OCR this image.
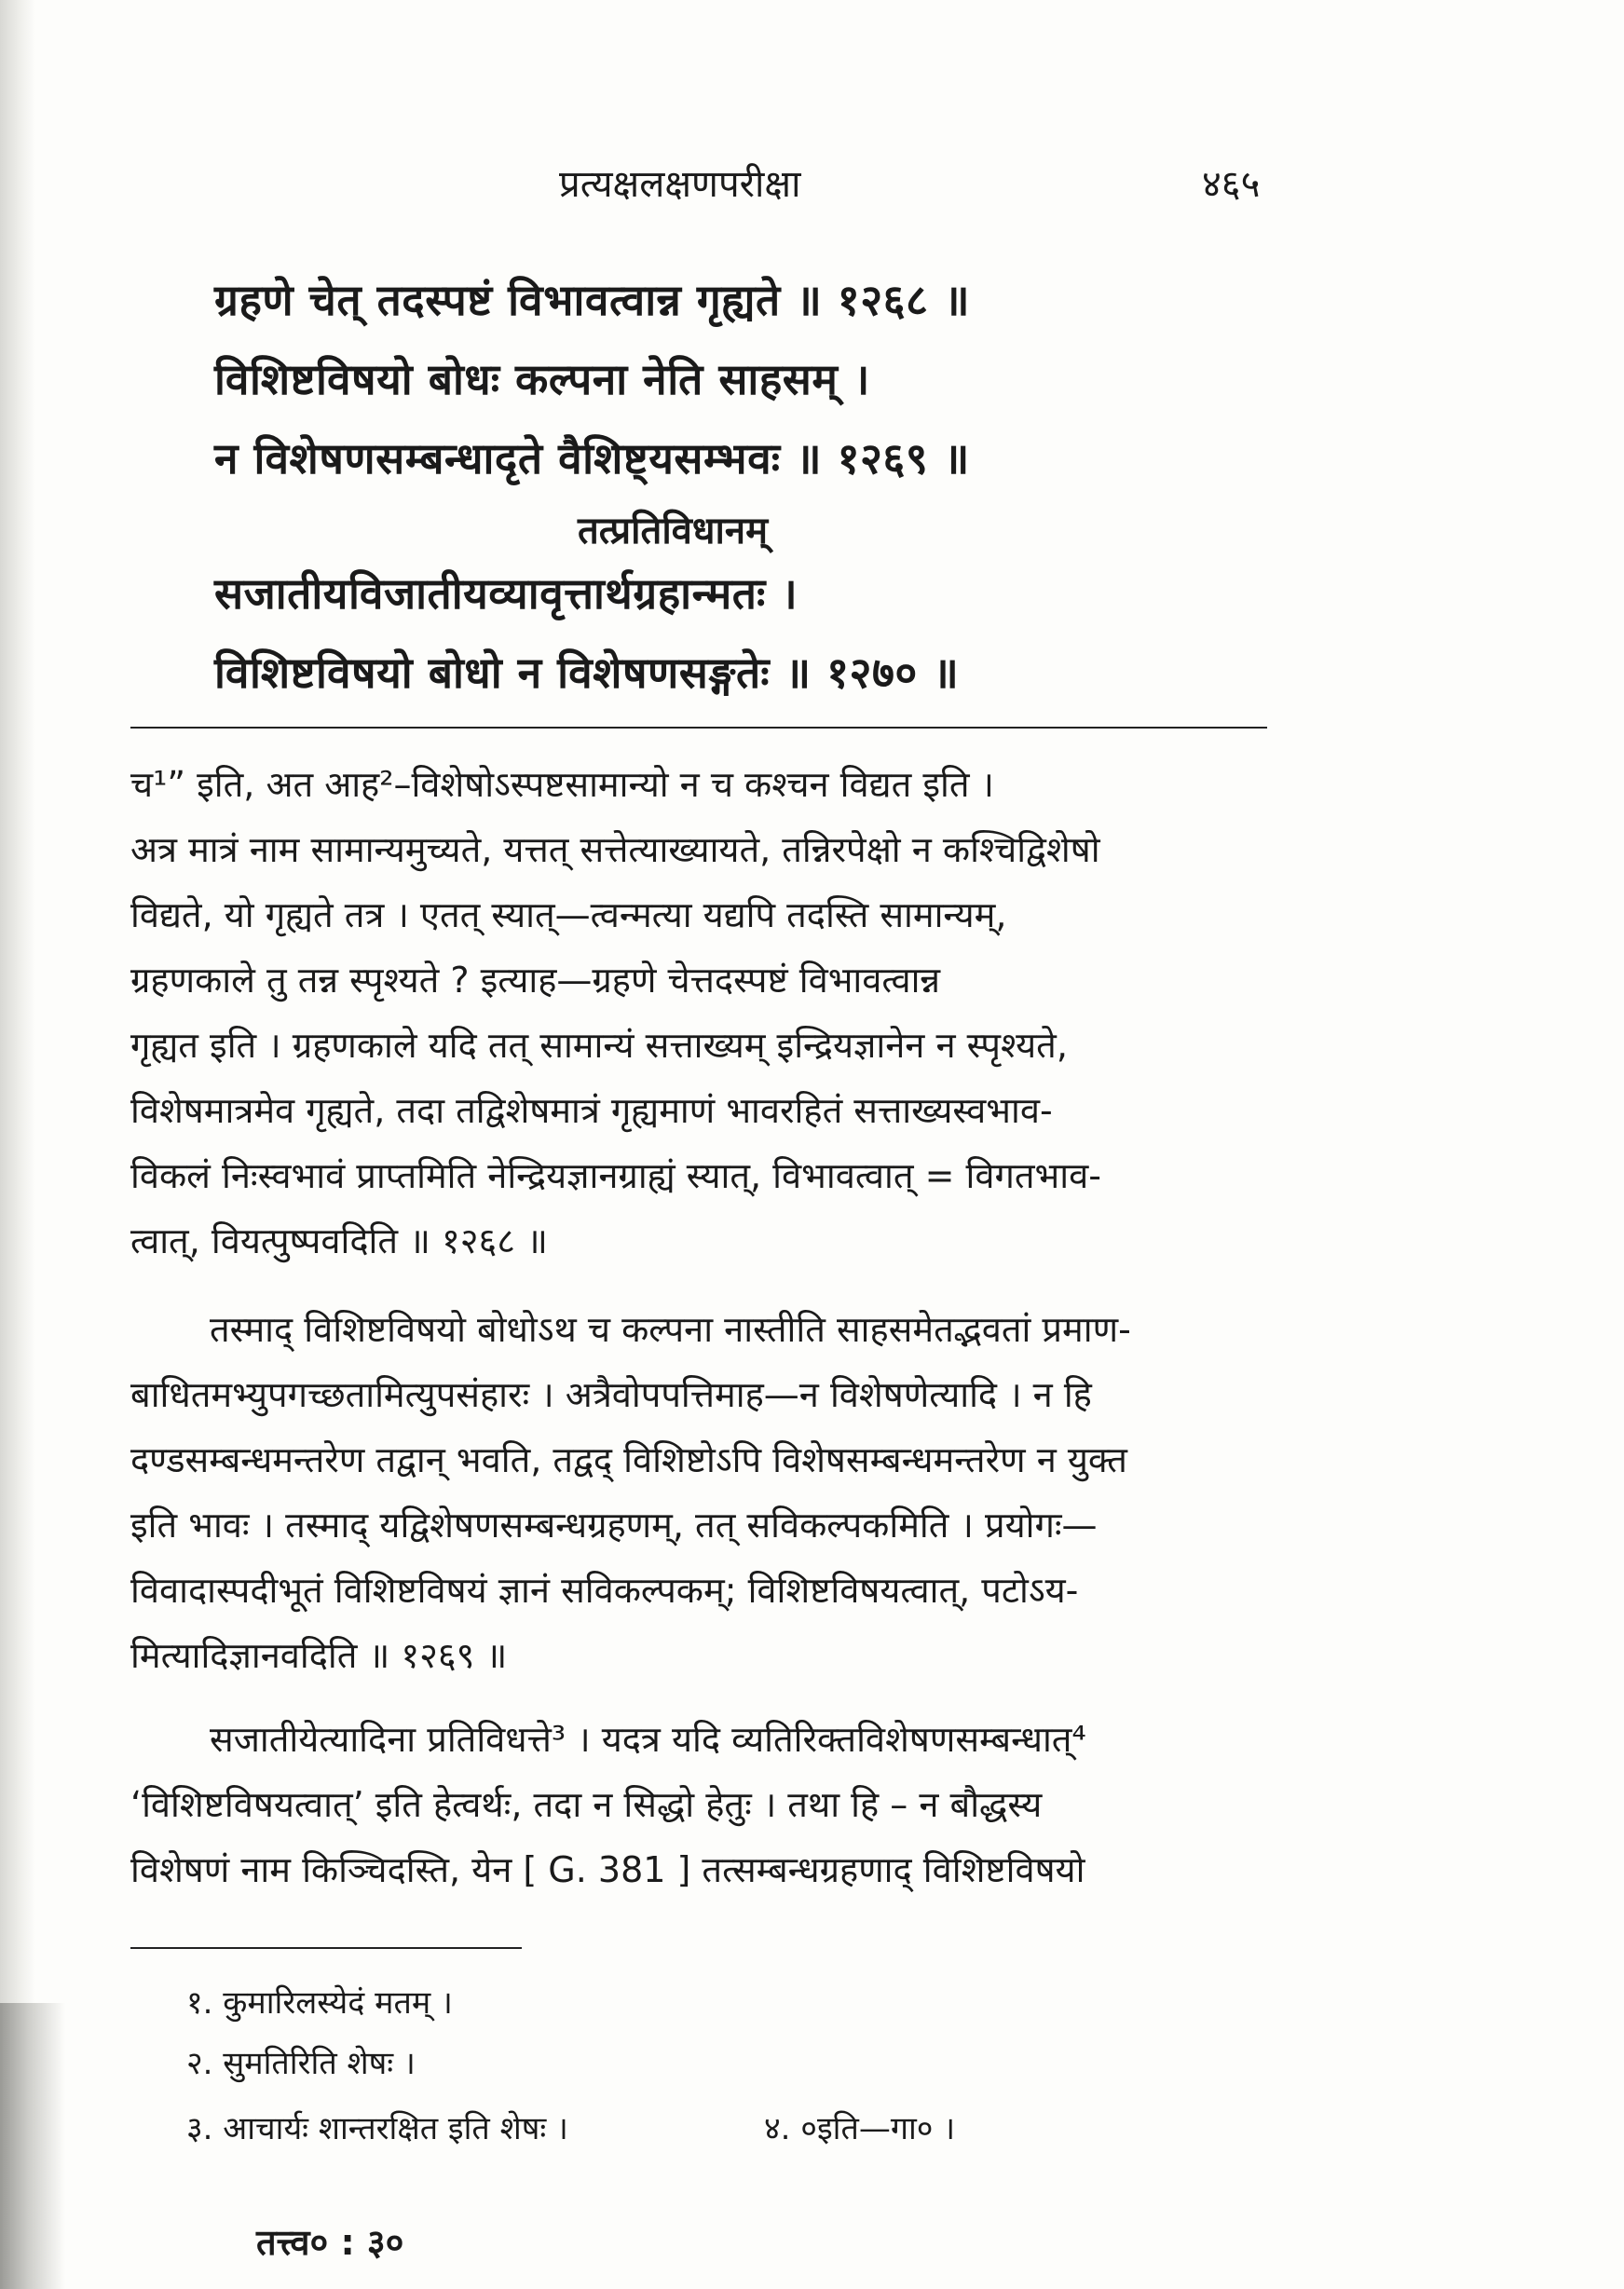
प्रत्यक्षलक्षणपरीक्षा	४६५
ग्रहणे चेत् तदस्पष्टं विभावत्वान्न गृह्यते ॥ १२६८ ॥
विशिष्टविषयो बोधः कल्पना नेति साहसम् ।
न विशेषणसम्बन्धादृते वैशिष्ट्यसम्भवः ॥ १२६९ ॥
तत्प्रतिविधानम्
सजातीयविजातीयव्यावृत्तार्थग्रहान्मतः ।
विशिष्टविषयो बोधो न विशेषणसङ्गतेः ॥ १२७० ॥
च¹” इति, अत आह²–विशेषोऽस्पष्टसामान्यो न च कश्चन विद्यत इति ।
अत्र मात्रं नाम सामान्यमुच्यते, यत्तत् सत्तेत्याख्यायते, तन्निरपेक्षो न कश्चिद्विशेषो
विद्यते, यो गृह्यते तत्र । एतत् स्यात्—त्वन्मत्या यद्यपि तदस्ति सामान्यम्,
ग्रहणकाले तु तन्न स्पृश्यते ? इत्याह—ग्रहणे चेत्तदस्पष्टं विभावत्वान्न
गृह्यत इति । ग्रहणकाले यदि तत् सामान्यं सत्ताख्यम् इन्द्रियज्ञानेन न स्पृश्यते,
विशेषमात्रमेव गृह्यते, तदा तद्विशेषमात्रं गृह्यमाणं भावरहितं सत्ताख्यस्वभाव-
विकलं निःस्वभावं प्राप्तमिति नेन्द्रियज्ञानग्राह्यं स्यात्, विभावत्वात् = विगतभाव-
त्वात्, वियत्पुष्पवदिति ॥ १२६८ ॥
तस्माद् विशिष्टविषयो बोधोऽथ च कल्पना नास्तीति साहसमेतद्भवतां प्रमाण-
बाधितमभ्युपगच्छतामित्युपसंहारः । अत्रैवोपपत्तिमाह—न विशेषणेत्यादि । न हि
दण्डसम्बन्धमन्तरेण तद्वान् भवति, तद्वद् विशिष्टोऽपि विशेषसम्बन्धमन्तरेण न युक्त
इति भावः । तस्माद् यद्विशेषणसम्बन्धग्रहणम्, तत् सविकल्पकमिति । प्रयोगः—
विवादास्पदीभूतं विशिष्टविषयं ज्ञानं सविकल्पकम्; विशिष्टविषयत्वात्, पटोऽय-
मित्यादिज्ञानवदिति ॥ १२६९ ॥
सजातीयेत्यादिना प्रतिविधत्ते³ । यदत्र यदि व्यतिरिक्तविशेषणसम्बन्धात्⁴
‘विशिष्टविषयत्वात्’ इति हेत्वर्थः, तदा न सिद्धो हेतुः । तथा हि – न बौद्धस्य
विशेषणं नाम किञ्चिदस्ति, येन [ G. 381 ] तत्सम्बन्धग्रहणाद् विशिष्टविषयो
१. कुमारिलस्येदं मतम् ।
२. सुमतिरिति शेषः ।
३. आचार्यः शान्तरक्षित इति शेषः ।	४. ०इति—गा० ।
तत्त्व० : ३०
